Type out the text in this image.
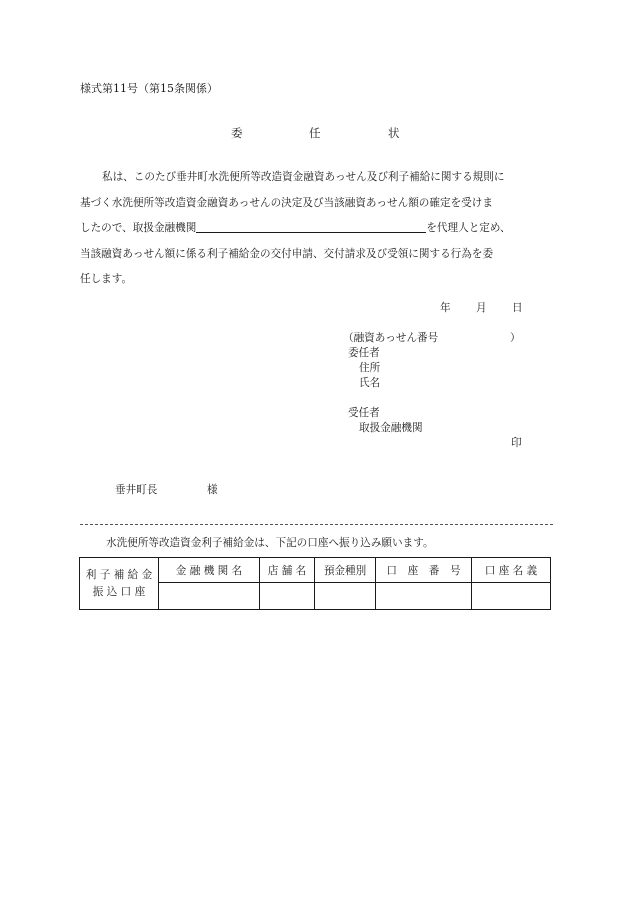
様式第11号（第15条関係）
委	任	状
私は、このたび垂井町水洗便所等改造資金融資あっせん及び利子補給に関する規則に
基づく水洗便所等改造資金融資あっせんの決定及び当該融資あっせん額の確定を受けま
したので、取扱金融機関	を代理人と定め、
当該融資あっせん額に係る利子補給金の交付申請、交付請求及び受領に関する行為を委
任します。
年 月 日
（融資あっせん番号	）
委任者
住所
氏名
受任者
取扱金融機関
印
垂井町長	様
水洗便所等改造資金利子補給金は、下記の口座へ振り込み願います。
利 子 補 給 金
振 込 口 座	金 融 機 関 名	店 舗 名	預金種別	口　座　番　号	口 座 名 義
